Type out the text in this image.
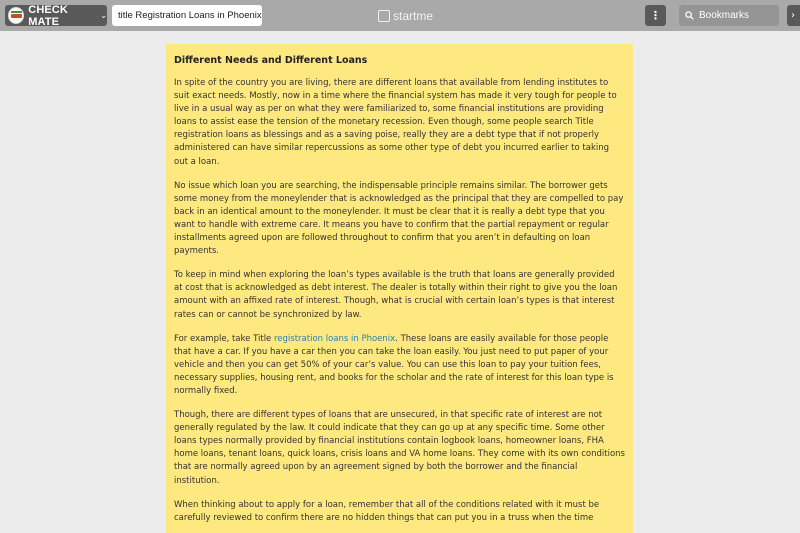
CHECK MATE	⌄	title Registration Loans in Phoenix	startme	⋮	Bookmarks	›
Different Needs and Different Loans

In spite of the country you are living, there are different loans that available from lending institutes to suit exact needs. Mostly, now in a time where the financial system has made it very tough for people to live in a usual way as per on what they were familiarized to, some financial institutions are providing loans to assist ease the tension of the monetary recession. Even though, some people search Title registration loans as blessings and as a saving poise, really they are a debt type that if not properly administered can have similar repercussions as some other type of debt you incurred earlier to taking out a loan.

No issue which loan you are searching, the indispensable principle remains similar. The borrower gets some money from the moneylender that is acknowledged as the principal that they are compelled to pay back in an identical amount to the moneylender. It must be clear that it is really a debt type that you want to handle with extreme care. It means you have to confirm that the partial repayment or regular installments agreed upon are followed throughout to confirm that you aren’t in defaulting on loan payments.

To keep in mind when exploring the loan’s types available is the truth that loans are generally provided at cost that is acknowledged as debt interest. The dealer is totally within their right to give you the loan amount with an affixed rate of interest. Though, what is crucial with certain loan’s types is that interest rates can or cannot be synchronized by law.

For example, take Title registration loans in Phoenix. These loans are easily available for those people that have a car. If you have a car then you can take the loan easily. You just need to put paper of your vehicle and then you can get 50% of your car’s value. You can use this loan to pay your tuition fees, necessary supplies, housing rent, and books for the scholar and the rate of interest for this loan type is normally fixed.

Though, there are different types of loans that are unsecured, in that specific rate of interest are not generally regulated by the law. It could indicate that they can go up at any specific time. Some other loans types normally provided by financial institutions contain logbook loans, homeowner loans, FHA home loans, tenant loans, quick loans, crisis loans and VA home loans. They come with its own conditions that are normally agreed upon by an agreement signed by both the borrower and the financial institution.

When thinking about to apply for a loan, remember that all of the conditions related with it must be carefully reviewed to confirm there are no hidden things that can put you in a truss when the time
